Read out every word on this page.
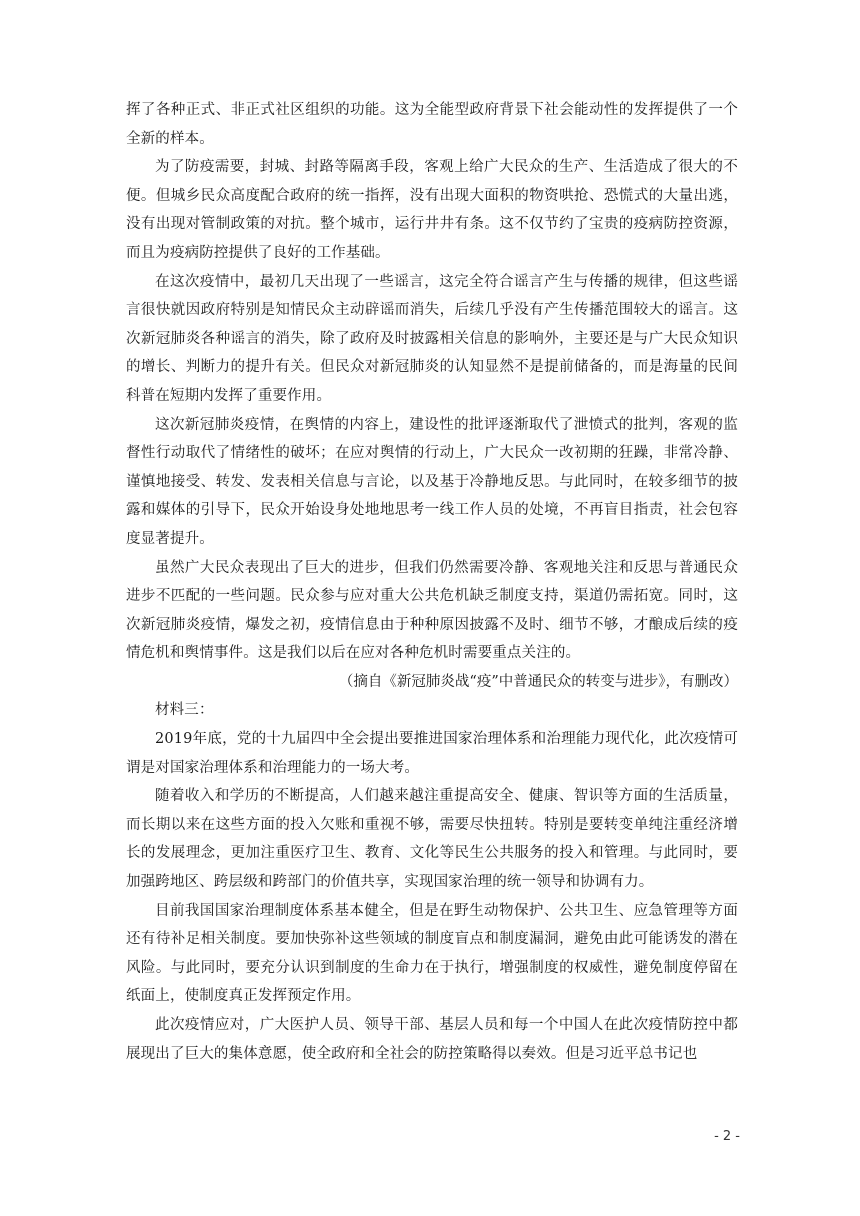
挥了各种正式、非正式社区组织的功能。这为全能型政府背景下社会能动性的发挥提供了一个全新的样本。

为了防疫需要，封城、封路等隔离手段，客观上给广大民众的生产、生活造成了很大的不便。但城乡民众高度配合政府的统一指挥，没有出现大面积的物资哄抢、恐慌式的大量出逃，没有出现对管制政策的对抗。整个城市，运行井井有条。这不仅节约了宝贵的疫病防控资源，而且为疫病防控提供了良好的工作基础。

在这次疫情中，最初几天出现了一些谣言，这完全符合谣言产生与传播的规律，但这些谣言很快就因政府特别是知情民众主动辟谣而消失，后续几乎没有产生传播范围较大的谣言。这次新冠肺炎各种谣言的消失，除了政府及时披露相关信息的影响外，主要还是与广大民众知识的增长、判断力的提升有关。但民众对新冠肺炎的认知显然不是提前储备的，而是海量的民间科普在短期内发挥了重要作用。

这次新冠肺炎疫情，在舆情的内容上，建设性的批评逐渐取代了泄愤式的批判，客观的监督性行动取代了情绪性的破坏；在应对舆情的行动上，广大民众一改初期的狂躁，非常冷静、谨慎地接受、转发、发表相关信息与言论，以及基于冷静地反思。与此同时，在较多细节的披露和媒体的引导下，民众开始设身处地地思考一线工作人员的处境，不再盲目指责，社会包容度显著提升。

虽然广大民众表现出了巨大的进步，但我们仍然需要冷静、客观地关注和反思与普通民众进步不匹配的一些问题。民众参与应对重大公共危机缺乏制度支持，渠道仍需拓宽。同时，这次新冠肺炎疫情，爆发之初，疫情信息由于种种原因披露不及时、细节不够，才酿成后续的疫情危机和舆情事件。这是我们以后在应对各种危机时需要重点关注的。

（摘自《新冠肺炎战“疫”中普通民众的转变与进步》，有删改）

材料三：

2019年底，党的十九届四中全会提出要推进国家治理体系和治理能力现代化，此次疫情可谓是对国家治理体系和治理能力的一场大考。

随着收入和学历的不断提高，人们越来越注重提高安全、健康、智识等方面的生活质量，而长期以来在这些方面的投入欠账和重视不够，需要尽快扭转。特别是要转变单纯注重经济增长的发展理念，更加注重医疗卫生、教育、文化等民生公共服务的投入和管理。与此同时，要加强跨地区、跨层级和跨部门的价值共享，实现国家治理的统一领导和协调有力。

目前我国国家治理制度体系基本健全，但是在野生动物保护、公共卫生、应急管理等方面还有待补足相关制度。要加快弥补这些领域的制度盲点和制度漏洞，避免由此可能诱发的潜在风险。与此同时，要充分认识到制度的生命力在于执行，增强制度的权威性，避免制度停留在纸面上，使制度真正发挥预定作用。

此次疫情应对，广大医护人员、领导干部、基层人员和每一个中国人在此次疫情防控中都展现出了巨大的集体意愿，使全政府和全社会的防控策略得以奏效。但是习近平总书记也

- 2 -
